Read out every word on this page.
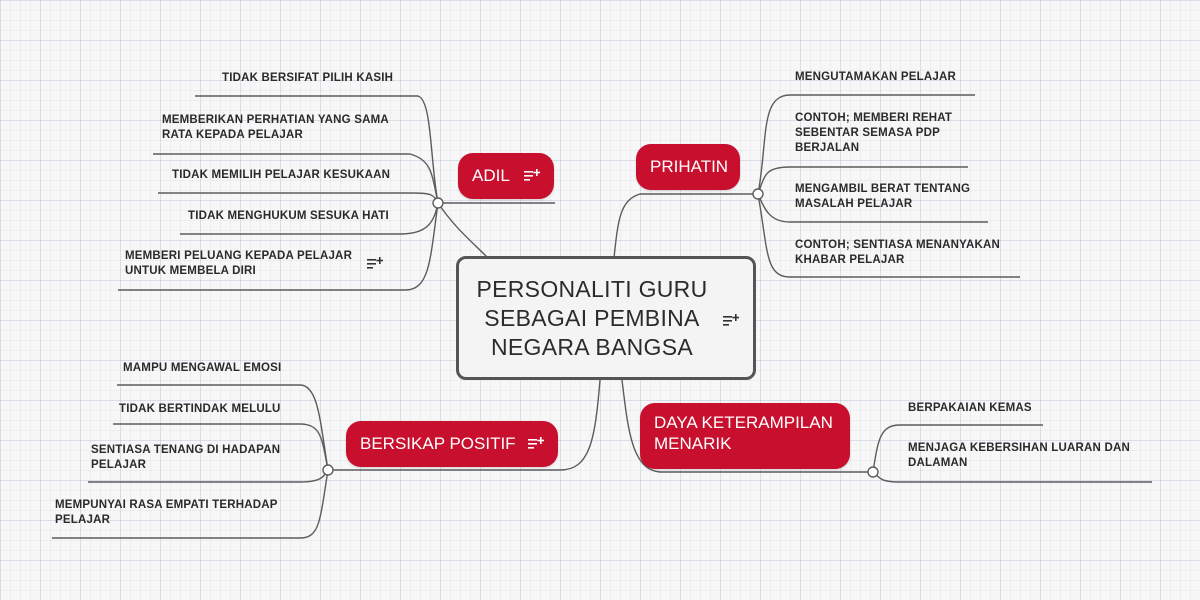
PERSONALITI GURU
SEBAGAI PEMBINA
NEGARA BANGSA
ADIL	PRIHATIN
BERSIKAP POSITIF
DAYA KETERAMPILAN
MENARIK
TIDAK BERSIFAT PILIH KASIH
MEMBERIKAN PERHATIAN YANG SAMA
RATA KEPADA PELAJAR
TIDAK MEMILIH PELAJAR KESUKAAN
TIDAK MENGHUKUM SESUKA HATI
MEMBERI PELUANG KEPADA PELAJAR
UNTUK MEMBELA DIRI
MENGUTAMAKAN PELAJAR
CONTOH; MEMBERI REHAT
SEBENTAR SEMASA PDP
BERJALAN
MENGAMBIL BERAT TENTANG
MASALAH PELAJAR
CONTOH; SENTIASA MENANYAKAN
KHABAR PELAJAR
MAMPU MENGAWAL EMOSI
TIDAK BERTINDAK MELULU
SENTIASA TENANG DI HADAPAN
PELAJAR
MEMPUNYAI RASA EMPATI TERHADAP
PELAJAR
BERPAKAIAN KEMAS
MENJAGA KEBERSIHAN LUARAN DAN
DALAMAN
